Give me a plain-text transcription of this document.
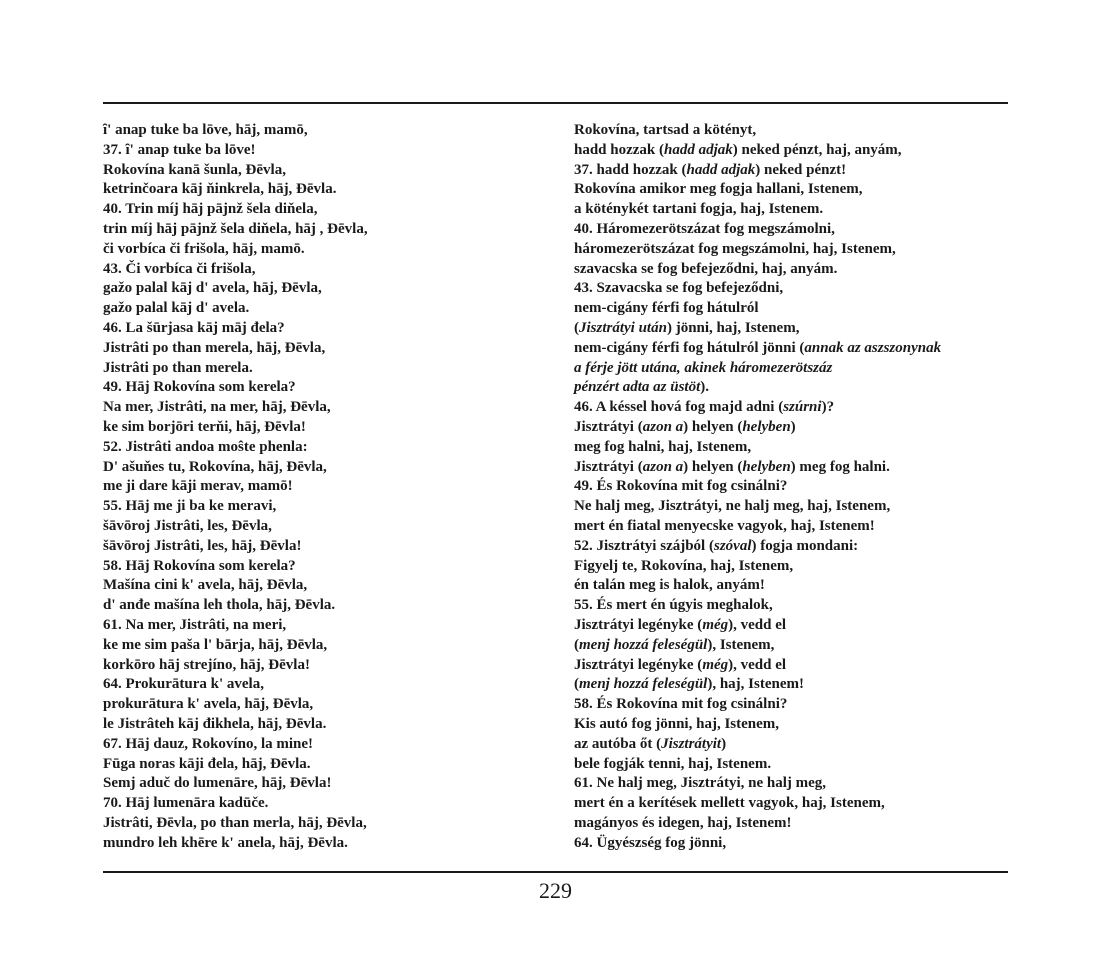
ȋ' anap tuke ba lōve, hāj, mamō,
37. ȋ' anap tuke ba lōve!
Rokovína kanā šunla, Đēvla,
ketrinčoara kāj ňinkrela, hāj, Đēvla.
40. Trin míj hāj pājnž šela diňela,
trin míj hāj pājnž šela diňela, hāj , Đēvla,
či vorbíca či frišola, hāj, mamō.
43. Či vorbíca či frišola,
gažo palal kāj d' avela, hāj, Đēvla,
gažo palal kāj d' avela.
46. La šūrjasa kāj māj đela?
Jistrâti po than merela, hāj, Đēvla,
Jistrâti po than merela.
49. Hāj Rokovína som kerela?
Na mer, Jistrâti, na mer, hāj, Đēvla,
ke sim borjōri terňi, hāj, Đēvla!
52. Jistrâti andoa moŝte phenla:
D' ašuňes tu, Rokovína, hāj, Đēvla,
me ji dare kāji merav, mamō!
55. Hāj me ji ba ke meravi,
šāvōroj Jistrâti, les, Đēvla,
šāvōroj Jistrâti, les, hāj, Đēvla!
58. Hāj Rokovína som kerela?
Mašína cini k' avela, hāj, Đēvla,
d' anđe mašína leh thola, hāj, Đēvla.
61. Na mer, Jistrâti, na meri,
ke me sim paša l' bārja, hāj, Đēvla,
korkōro hāj strejíno, hāj, Đēvla!
64. Prokurātura k' avela,
prokurātura k' avela, hāj, Đēvla,
le Jistrâteh kāj đikhela, hāj, Đēvla.
67. Hāj dauz, Rokovíno, la mine!
Fūga noras kāji đela, hāj, Đēvla.
Semj aduč do lumenāre, hāj, Đēvla!
70. Hāj lumenāra kadūče.
Jistrâti, Đēvla, po than merla, hāj, Đēvla,
mundro leh khēre k' anela, hāj, Đēvla.
Rokovína, tartsad a kötényt,
hadd hozzak (hadd adjak) neked pénzt, haj, anyám,
37. hadd hozzak (hadd adjak) neked pénzt!
Rokovína amikor meg fogja hallani, Istenem,
a köténykét tartani fogja, haj, Istenem.
40. Háromezerötszázat fog megszámolni,
háromezerötszázat fog megszámolni, haj, Istenem,
szavacska se fog befejeződni, haj, anyám.
43. Szavacska se fog befejeződni,
nem-cigány férfi fog hátulról
(Jisztrátyi után) jönni, haj, Istenem,
nem-cigány férfi fog hátulról jönni (annak az aszszonynak
a férje jött utána, akinek háromezerötszáz
pénzért adta az üstöt).
46. A késsel hová fog majd adni (szúrni)?
Jisztrátyi (azon a) helyen (helyben)
meg fog halni, haj, Istenem,
Jisztrátyi (azon a) helyen (helyben) meg fog halni.
49. És Rokovína mit fog csinálni?
Ne halj meg, Jisztrátyi, ne halj meg, haj, Istenem,
mert én fiatal menyecske vagyok, haj, Istenem!
52. Jisztrátyi szájból (szóval) fogja mondani:
Figyelj te, Rokovína, haj, Istenem,
én talán meg is halok, anyám!
55. És mert én úgyis meghalok,
Jisztrátyi legényke (még), vedd el
(menj hozzá feleségül), Istenem,
Jisztrátyi legényke (még), vedd el
(menj hozzá feleségül), haj, Istenem!
58. És Rokovína mit fog csinálni?
Kis autó fog jönni, haj, Istenem,
az autóba őt (Jisztrátyit)
bele fogják tenni, haj, Istenem.
61. Ne halj meg, Jisztrátyi, ne halj meg,
mert én a kerítések mellett vagyok, haj, Istenem,
magányos és idegen, haj, Istenem!
64. Ügyészség fog jönni,
229
